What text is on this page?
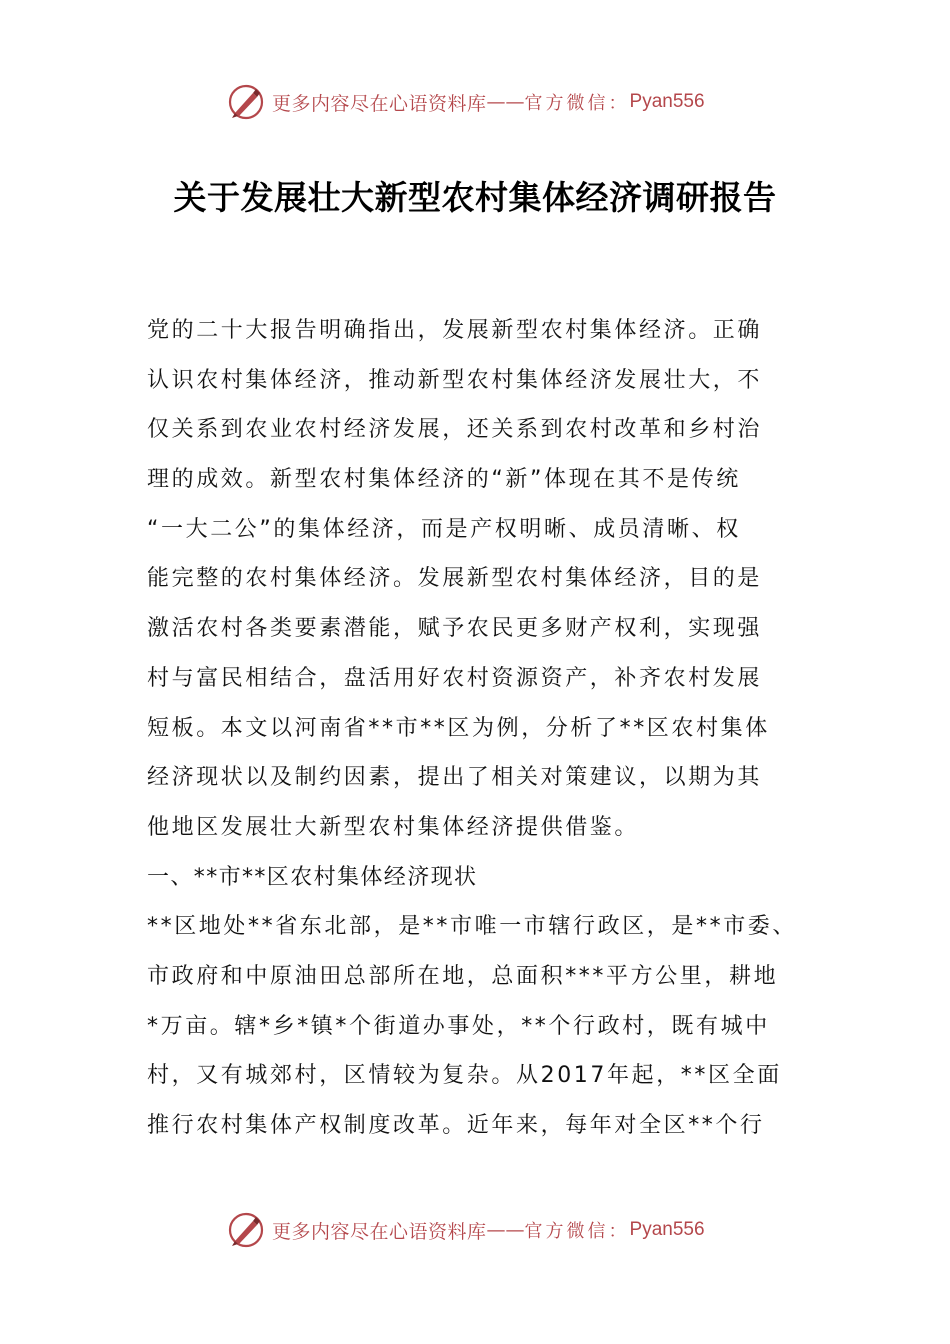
更多内容尽在心语资料库 —— 官方微信： Pyan556
关于发展壮大新型农村集体经济调研报告
党的二十大报告明确指出，发展新型农村集体经济。正确
认识农村集体经济，推动新型农村集体经济发展壮大，不
仅关系到农业农村经济发展，还关系到农村改革和乡村治
理的成效。新型农村集体经济的“新”体现在其不是传统
“一大二公”的集体经济，而是产权明晰、成员清晰、权
能完整的农村集体经济。发展新型农村集体经济，目的是
激活农村各类要素潜能，赋予农民更多财产权利，实现强
村与富民相结合，盘活用好农村资源资产，补齐农村发展
短板。本文以河南省**市**区为例，分析了**区农村集体
经济现状以及制约因素，提出了相关对策建议，以期为其
他地区发展壮大新型农村集体经济提供借鉴。
一、**市**区农村集体经济现状
**区地处**省东北部，是**市唯一市辖行政区，是**市委、
市政府和中原油田总部所在地，总面积***平方公里，耕地
*万亩。辖*乡*镇*个街道办事处，**个行政村，既有城中
村，又有城郊村，区情较为复杂。从2017年起，**区全面
推行农村集体产权制度改革。近年来，每年对全区**个行
更多内容尽在心语资料库 —— 官方微信： Pyan556
